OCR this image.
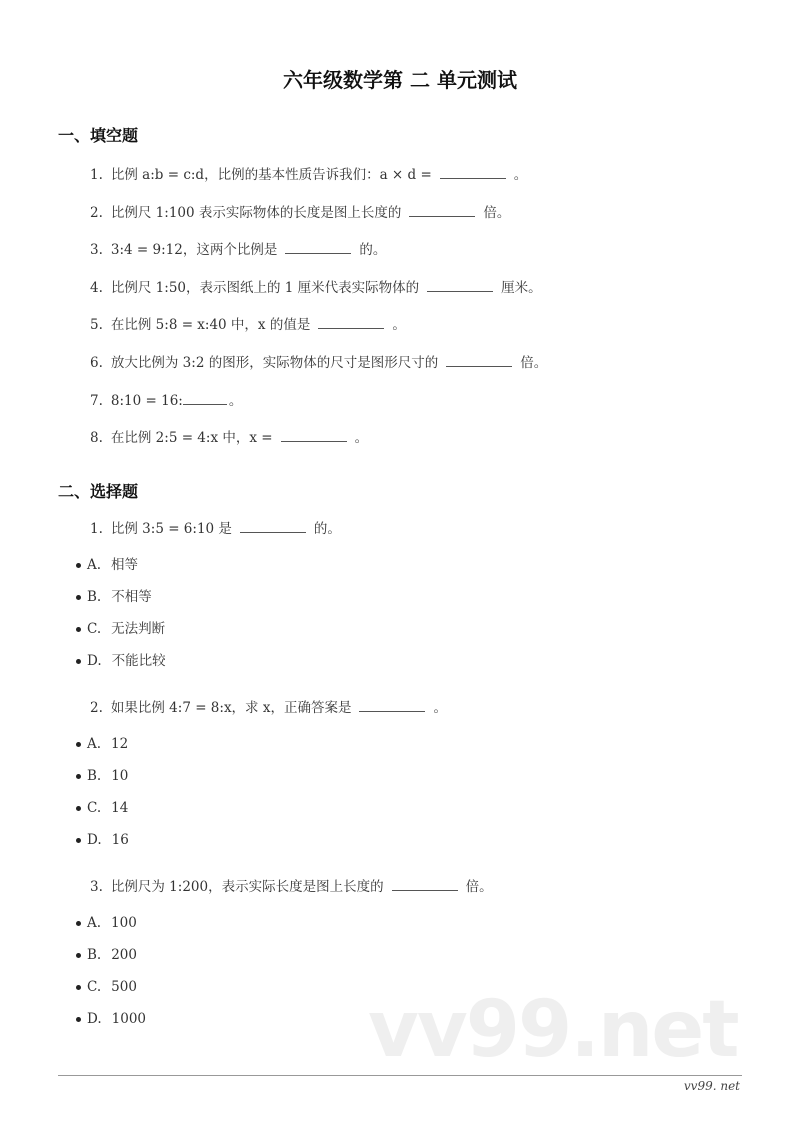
六年级数学第 二 单元测试
一、填空题
二、选择题
vv99.net
vv99. net
1. 比例 a:b = c:d，比例的基本性质告诉我们：a × d =	。
2. 比例尺 1:100 表示实际物体的长度是图上长度的	倍。
3. 3:4 = 9:12，这两个比例是	的。
4. 比例尺 1:50，表示图纸上的 1 厘米代表实际物体的	厘米。
5. 在比例 5:8 = x:40 中，x 的值是	。
6. 放大比例为 3:2 的图形，实际物体的尺寸是图形尺寸的	倍。
7. 8:10 = 16:	。
8. 在比例 2:5 = 4:x 中，x =	。
1. 比例 3:5 = 6:10 是	的。
A. 相等
B. 不相等
C. 无法判断
D. 不能比较
2. 如果比例 4:7 = 8:x，求 x，正确答案是	。
A. 12
B. 10
C. 14
D. 16
3. 比例尺为 1:200，表示实际长度是图上长度的	倍。
A. 100
B. 200
C. 500
D. 1000
